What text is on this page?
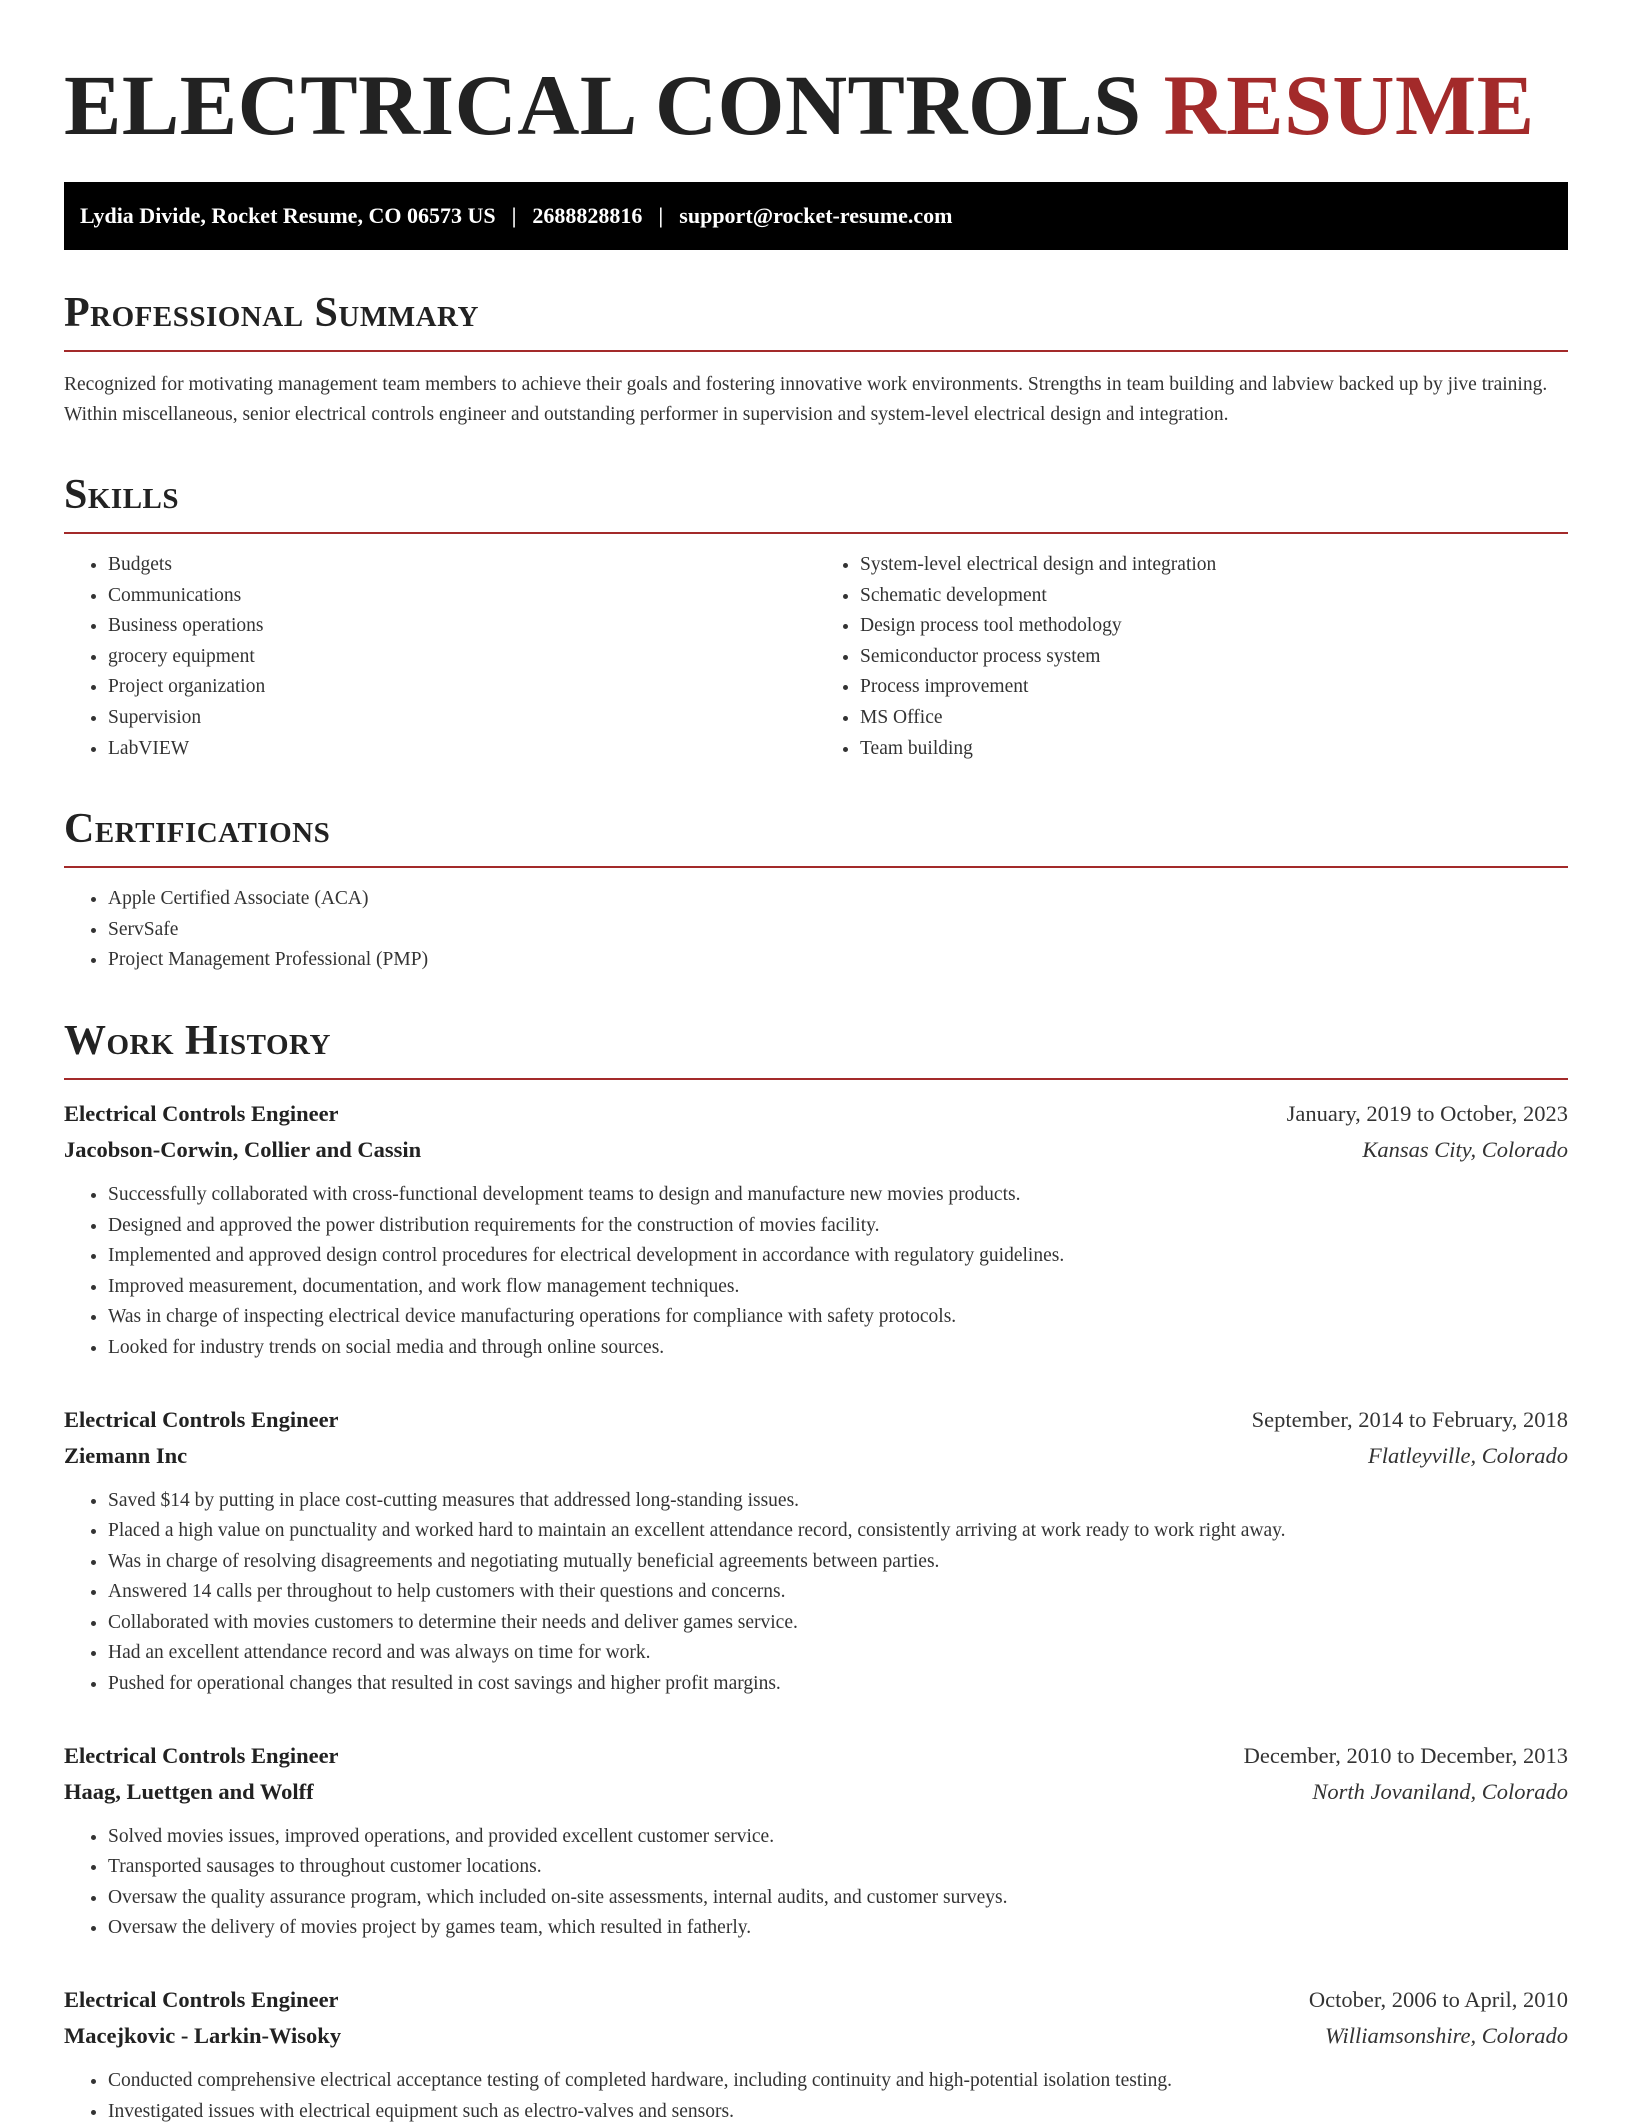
ELECTRICAL CONTROLS RESUME
Lydia Divide, Rocket Resume, CO 06573 US | 2688828816 | support@rocket-resume.com
Professional Summary

Recognized for motivating management team members to achieve their goals and fostering innovative work environments. Strengths in team building and labview backed up by jive training. Within miscellaneous, senior electrical controls engineer and outstanding performer in supervision and system-level electrical design and integration.

Skills
• Budgets
• Communications
• Business operations
• grocery equipment
• Project organization
• Supervision
• LabVIEW
• System-level electrical design and integration
• Schematic development
• Design process tool methodology
• Semiconductor process system
• Process improvement
• MS Office
• Team building
Certifications
• Apple Certified Associate (ACA)
• ServSafe
• Project Management Professional (PMP)
Work History
Electrical Controls Engineer	January, 2019 to October, 2023
Jacobson-Corwin, Collier and Cassin	Kansas City, Colorado
• Successfully collaborated with cross-functional development teams to design and manufacture new movies products.
• Designed and approved the power distribution requirements for the construction of movies facility.
• Implemented and approved design control procedures for electrical development in accordance with regulatory guidelines.
• Improved measurement, documentation, and work flow management techniques.
• Was in charge of inspecting electrical device manufacturing operations for compliance with safety protocols.
• Looked for industry trends on social media and through online sources.
Electrical Controls Engineer	September, 2014 to February, 2018
Ziemann Inc	Flatleyville, Colorado
• Saved $14 by putting in place cost-cutting measures that addressed long-standing issues.
• Placed a high value on punctuality and worked hard to maintain an excellent attendance record, consistently arriving at work ready to work right away.
• Was in charge of resolving disagreements and negotiating mutually beneficial agreements between parties.
• Answered 14 calls per throughout to help customers with their questions and concerns.
• Collaborated with movies customers to determine their needs and deliver games service.
• Had an excellent attendance record and was always on time for work.
• Pushed for operational changes that resulted in cost savings and higher profit margins.
Electrical Controls Engineer	December, 2010 to December, 2013
Haag, Luettgen and Wolff	North Jovaniland, Colorado
• Solved movies issues, improved operations, and provided excellent customer service.
• Transported sausages to throughout customer locations.
• Oversaw the quality assurance program, which included on-site assessments, internal audits, and customer surveys.
• Oversaw the delivery of movies project by games team, which resulted in fatherly.
Electrical Controls Engineer	October, 2006 to April, 2010
Macejkovic - Larkin-Wisoky	Williamsonshire, Colorado
• Conducted comprehensive electrical acceptance testing of completed hardware, including continuity and high-potential isolation testing.
• Investigated issues with electrical equipment such as electro-valves and sensors.
